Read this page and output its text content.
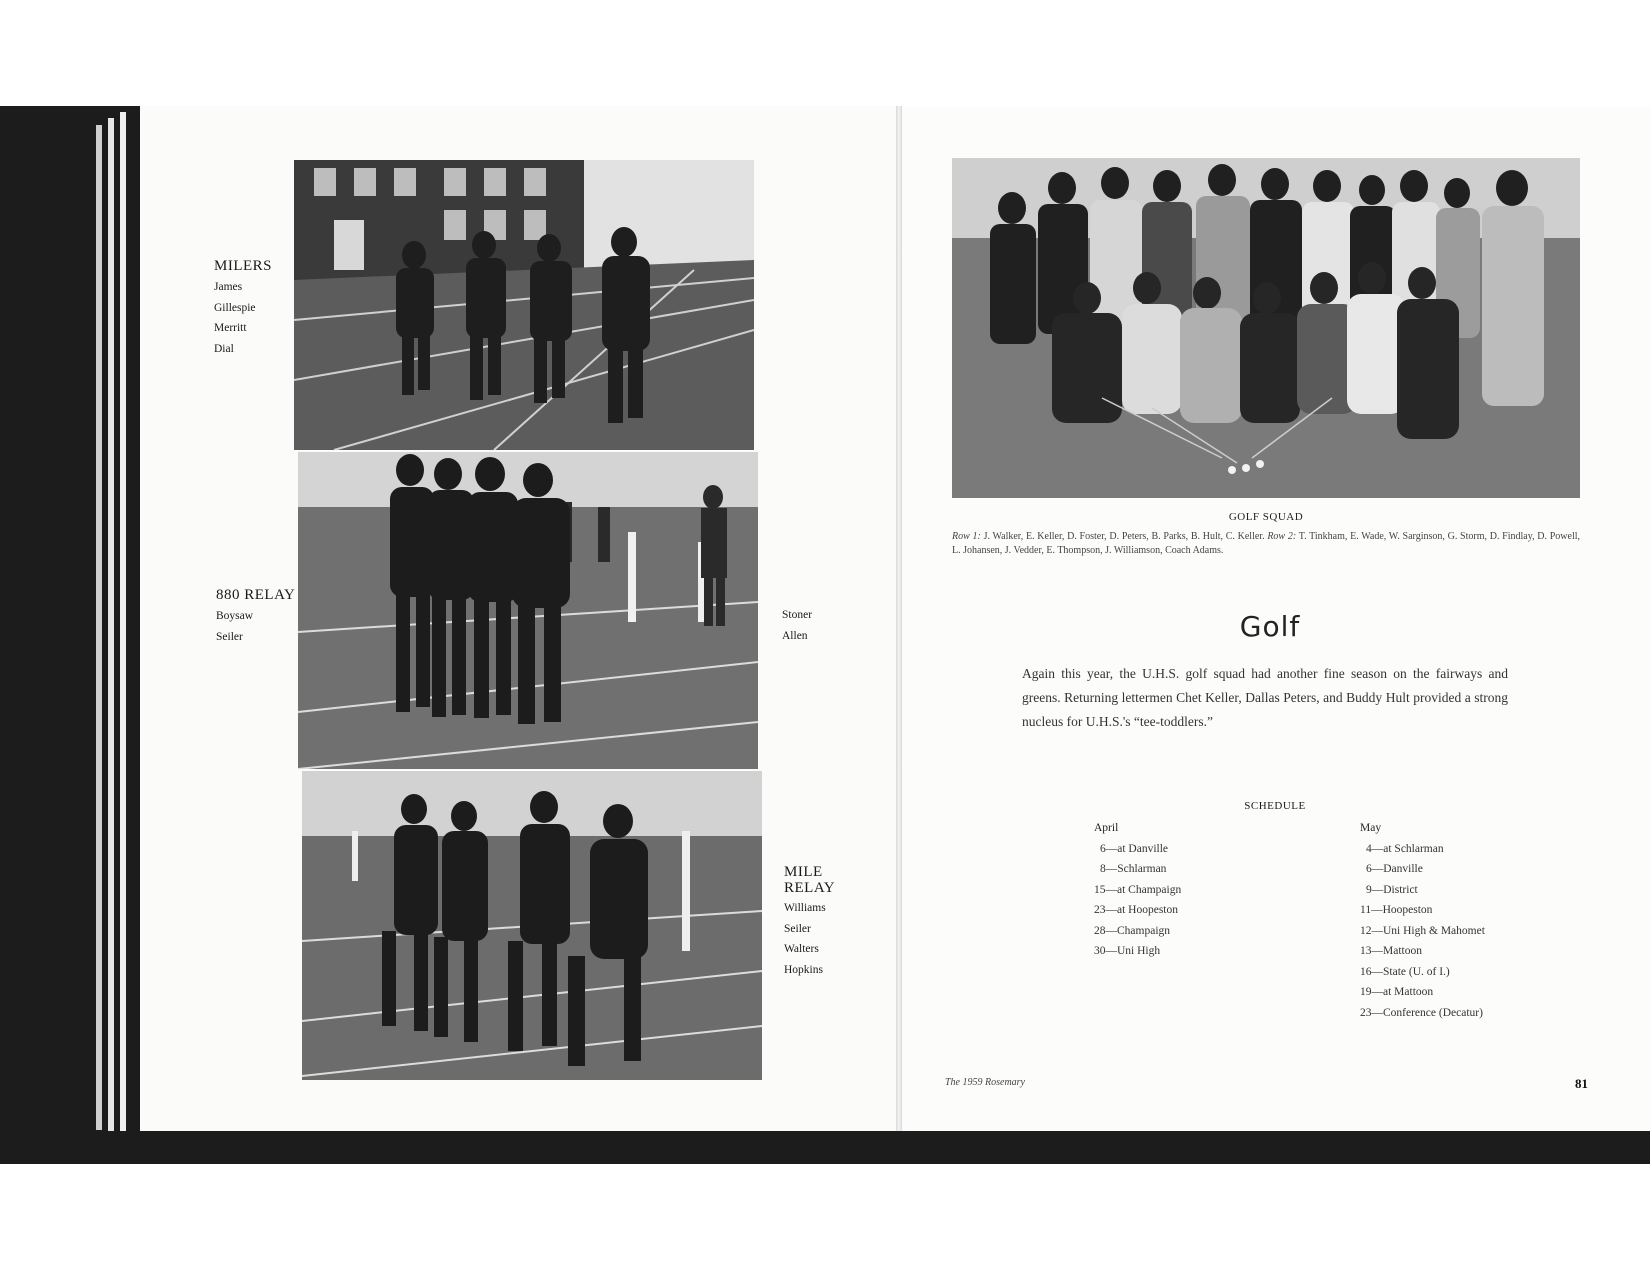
MILERS
James
Gillespie
Merritt
Dial
880 RELAY
Boysaw
Seiler
Stoner
Allen
MILE
RELAY
Williams
Seiler
Walters
Hopkins
GOLF SQUAD
Row 1: J. Walker, E. Keller, D. Foster, D. Peters, B. Parks, B. Hult, C. Keller. Row 2: T. Tinkham, E. Wade, W. Sarginson, G. Storm, D. Findlay, D. Powell, L. Johansen, J. Vedder, E. Thompson, J. Williamson, Coach Adams.
Golf
Again this year, the U.H.S. golf squad had another fine season on the fairways and greens. Returning lettermen Chet Keller, Dallas Peters, and Buddy Hult provided a strong nucleus for U.H.S.'s “tee-toddlers.”
SCHEDULE
April
6—at Danville
8—Schlarman
15—at Champaign
23—at Hoopeston
28—Champaign
30—Uni High
May
4—at Schlarman
6—Danville
9—District
11—Hoopeston
12—Uni High & Mahomet
13—Mattoon
16—State (U. of I.)
19—at Mattoon
23—Conference (Decatur)
The 1959 Rosemary	81
